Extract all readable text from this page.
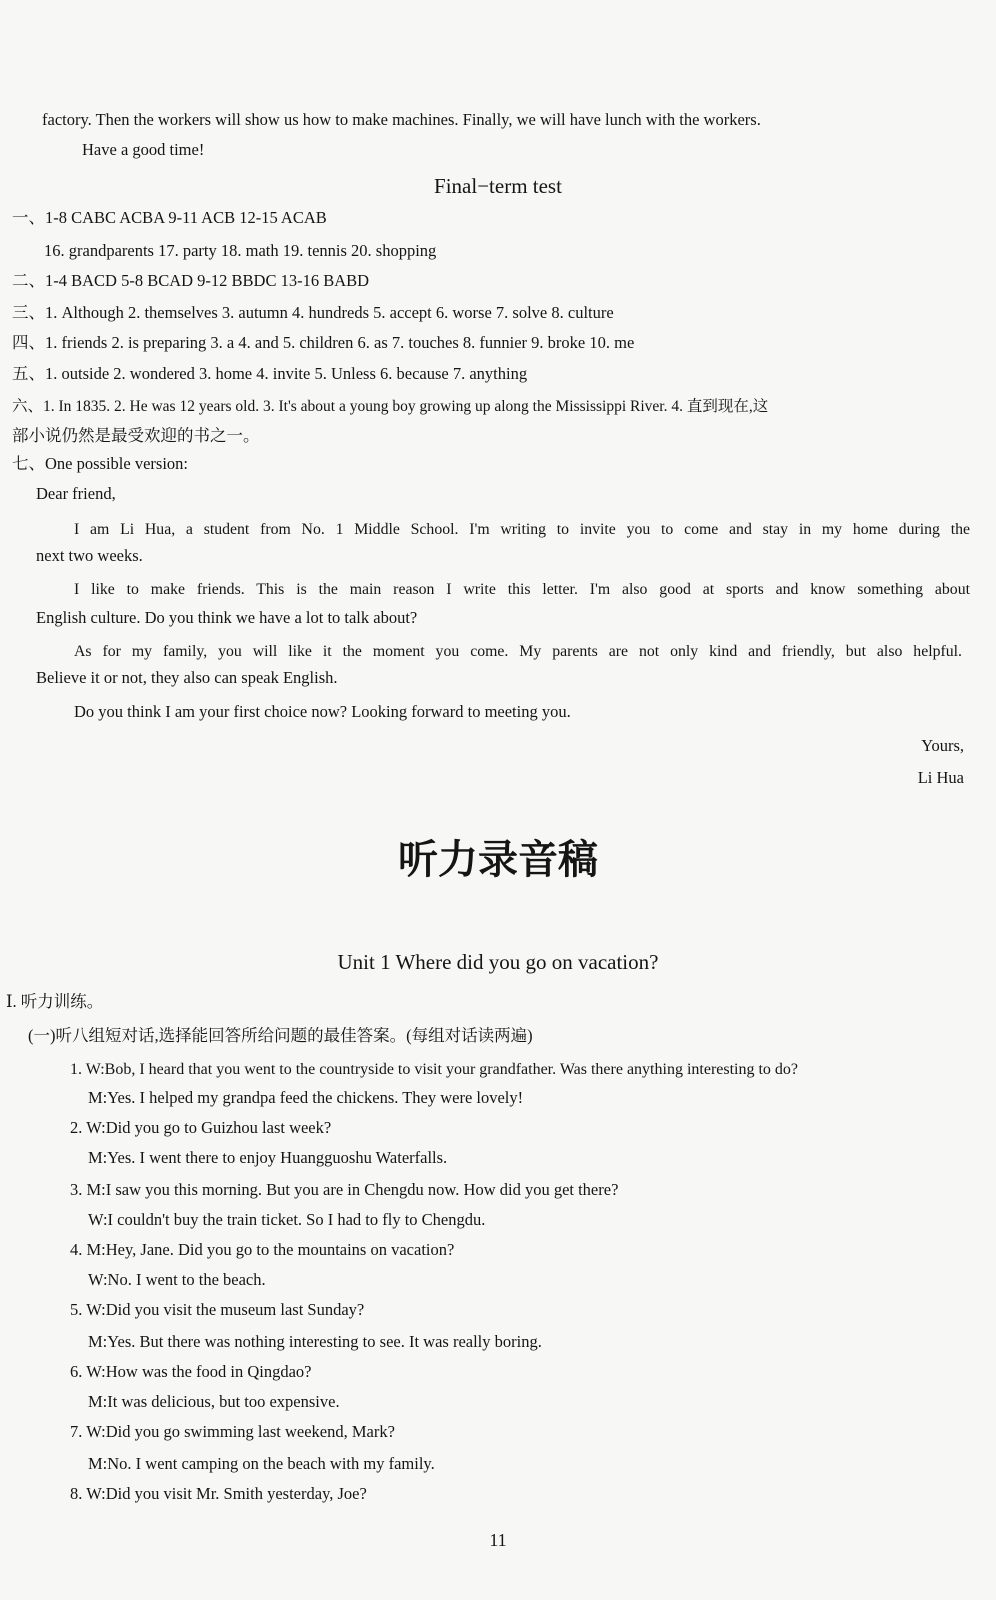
factory. Then the workers will show us how to make machines. Finally, we will have lunch with the workers.
Have a good time!
Final−term test
一、1-8 CABC ACBA 9-11 ACB 12-15 ACAB
16. grandparents 17. party 18. math 19. tennis 20. shopping
二、1-4 BACD 5-8 BCAD 9-12 BBDC 13-16 BABD
三、1. Although 2. themselves 3. autumn 4. hundreds 5. accept 6. worse 7. solve 8. culture
四、1. friends 2. is preparing 3. a 4. and 5. children 6. as 7. touches 8. funnier 9. broke 10. me
五、1. outside 2. wondered 3. home 4. invite 5. Unless 6. because 7. anything
六、1. In 1835. 2. He was 12 years old. 3. It's about a young boy growing up along the Mississippi River. 4. 直到现在,这
部小说仍然是最受欢迎的书之一。
七、One possible version:
Dear friend,
I am Li Hua, a student from No. 1 Middle School. I'm writing to invite you to come and stay in my home during the
next two weeks.
I like to make friends. This is the main reason I write this letter. I'm also good at sports and know something about
English culture. Do you think we have a lot to talk about?
As for my family, you will like it the moment you come. My parents are not only kind and friendly, but also helpful.
Believe it or not, they also can speak English.
Do you think I am your first choice now? Looking forward to meeting you.
Yours,
Li Hua
听力录音稿
Unit 1 Where did you go on vacation?
Ⅰ. 听力训练。
(一)听八组短对话,选择能回答所给问题的最佳答案。(每组对话读两遍)
1. W:Bob, I heard that you went to the countryside to visit your grandfather. Was there anything interesting to do?
M:Yes. I helped my grandpa feed the chickens. They were lovely!
2. W:Did you go to Guizhou last week?
M:Yes. I went there to enjoy Huangguoshu Waterfalls.
3. M:I saw you this morning. But you are in Chengdu now. How did you get there?
W:I couldn't buy the train ticket. So I had to fly to Chengdu.
4. M:Hey, Jane. Did you go to the mountains on vacation?
W:No. I went to the beach.
5. W:Did you visit the museum last Sunday?
M:Yes. But there was nothing interesting to see. It was really boring.
6. W:How was the food in Qingdao?
M:It was delicious, but too expensive.
7. W:Did you go swimming last weekend, Mark?
M:No. I went camping on the beach with my family.
8. W:Did you visit Mr. Smith yesterday, Joe?
11
